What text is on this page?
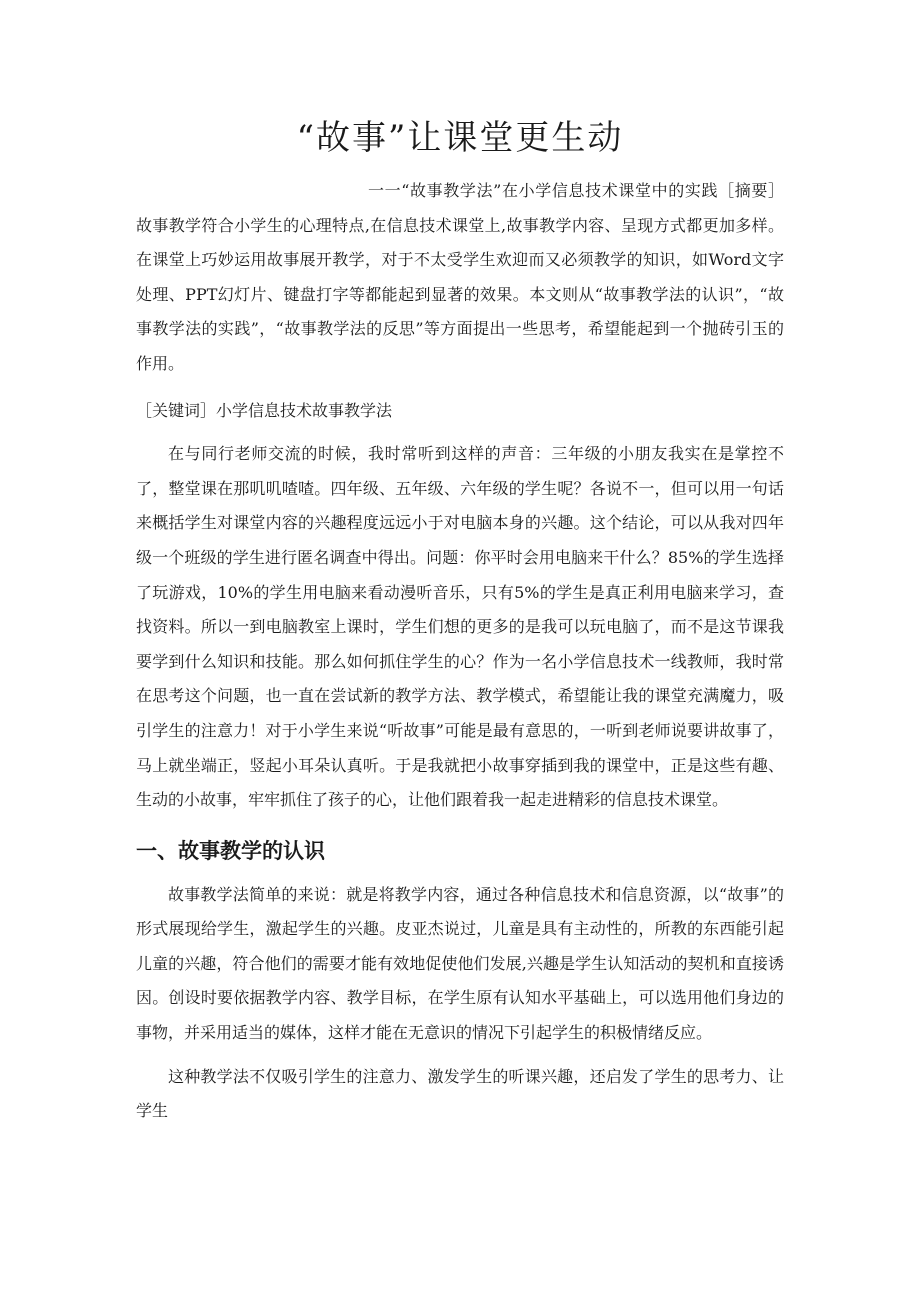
“故事”让课堂更生动

一一“故事教学法”在小学信息技术课堂中的实践［摘要］故事教学符合小学生的心理特点,在信息技术课堂上,故事教学内容、呈现方式都更加多样。在课堂上巧妙运用故事展开教学，对于不太受学生欢迎而又必须教学的知识，如Word文字处理、PPT幻灯片、键盘打字等都能起到显著的效果。本文则从“故事教学法的认识”，“故事教学法的实践”，“故事教学法的反思”等方面提出一些思考，希望能起到一个抛砖引玉的作用。

［关键词］小学信息技术故事教学法

在与同行老师交流的时候，我时常听到这样的声音：三年级的小朋友我实在是掌控不了，整堂课在那叽叽喳喳。四年级、五年级、六年级的学生呢？各说不一，但可以用一句话来概括学生对课堂内容的兴趣程度远远小于对电脑本身的兴趣。这个结论，可以从我对四年级一个班级的学生进行匿名调查中得出。问题：你平时会用电脑来干什么？85%的学生选择了玩游戏，10%的学生用电脑来看动漫听音乐，只有5%的学生是真正利用电脑来学习，查找资料。所以一到电脑教室上课时，学生们想的更多的是我可以玩电脑了，而不是这节课我要学到什么知识和技能。那么如何抓住学生的心？作为一名小学信息技术一线教师，我时常在思考这个问题，也一直在尝试新的教学方法、教学模式，希望能让我的课堂充满魔力，吸引学生的注意力！对于小学生来说“听故事”可能是最有意思的，一听到老师说要讲故事了，马上就坐端正，竖起小耳朵认真听。于是我就把小故事穿插到我的课堂中，正是这些有趣、生动的小故事，牢牢抓住了孩子的心，让他们跟着我一起走进精彩的信息技术课堂。

一、故事教学的认识

故事教学法简单的来说：就是将教学内容，通过各种信息技术和信息资源，以“故事”的形式展现给学生，激起学生的兴趣。皮亚杰说过，儿童是具有主动性的，所教的东西能引起儿童的兴趣，符合他们的需要才能有效地促使他们发展,兴趣是学生认知活动的契机和直接诱因。创设时要依据教学内容、教学目标，在学生原有认知水平基础上，可以选用他们身边的事物，并采用适当的媒体，这样才能在无意识的情况下引起学生的积极情绪反应。

这种教学法不仅吸引学生的注意力、激发学生的听课兴趣，还启发了学生的思考力、让学生
